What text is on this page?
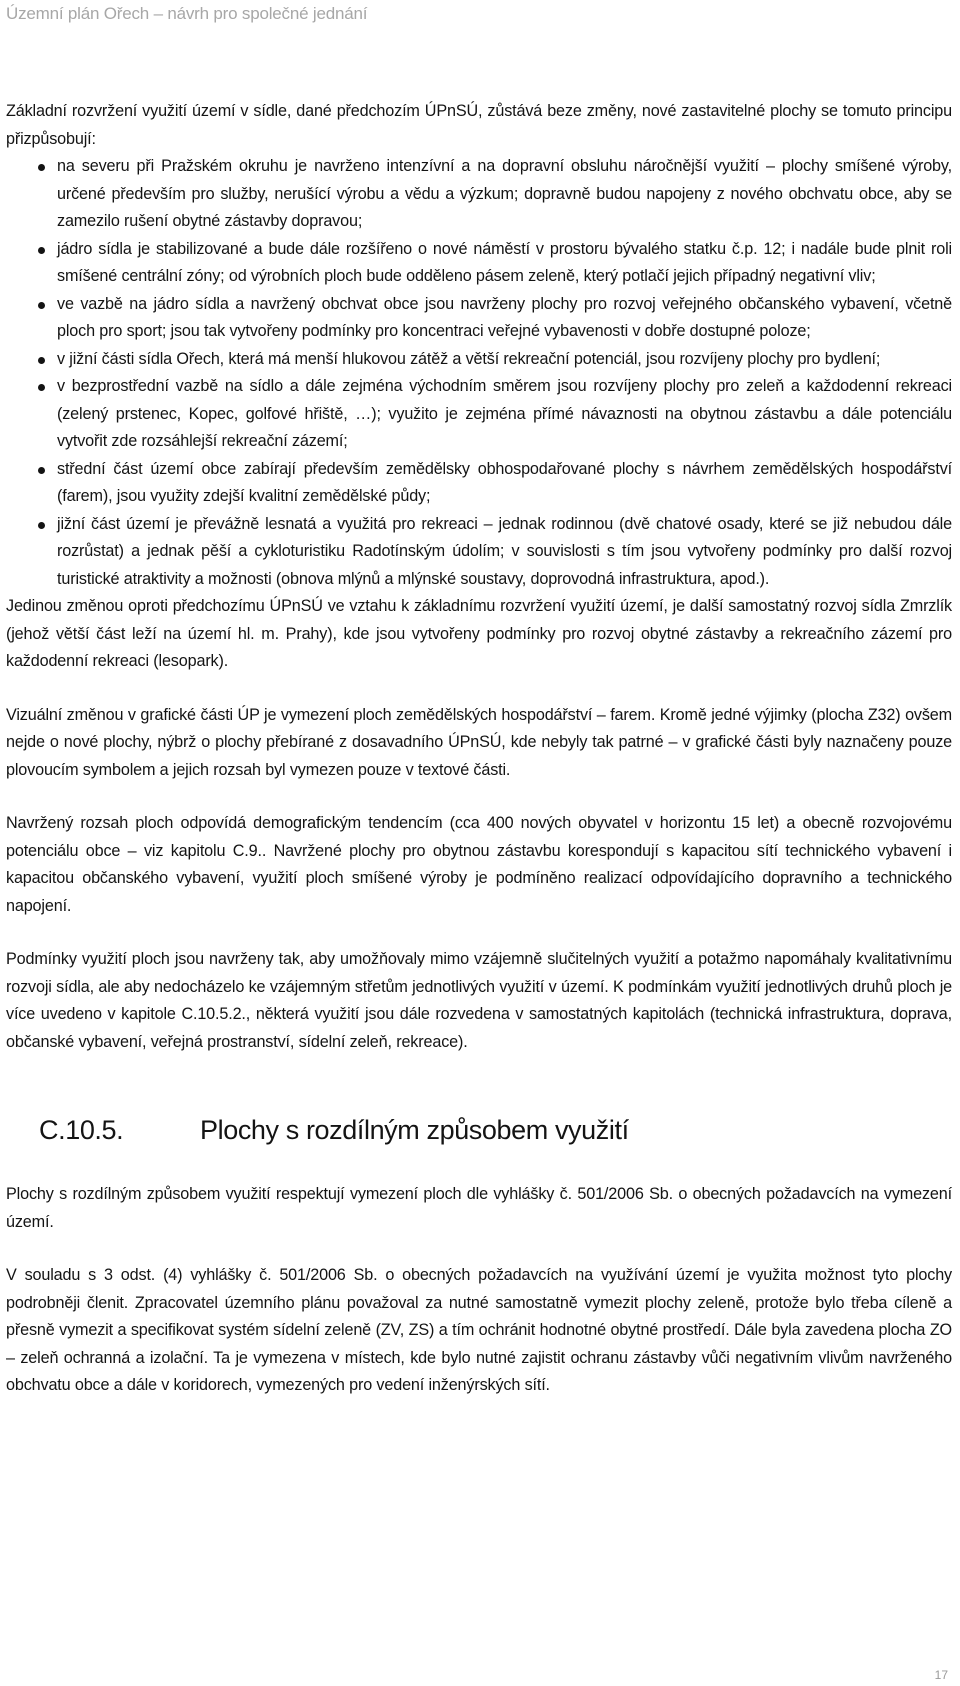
Územní plán Ořech – návrh pro společné jednání

Základní rozvržení využití území v sídle, dané předchozím ÚPnSÚ, zůstává beze změny, nové zastavitelné plochy se tomuto principu přizpůsobují:

na severu při Pražském okruhu je navrženo intenzívní a na dopravní obsluhu náročnější využití – plochy smíšené výroby, určené především pro služby, nerušící výrobu a vědu a výzkum; dopravně budou napojeny z nového obchvatu obce, aby se zamezilo rušení obytné zástavby dopravou;
jádro sídla je stabilizované a bude dále rozšířeno o nové náměstí v prostoru bývalého statku č.p. 12; i nadále bude plnit roli smíšené centrální zóny; od výrobních ploch bude odděleno pásem zeleně, který potlačí jejich případný negativní vliv;
ve vazbě na jádro sídla a navržený obchvat obce jsou navrženy plochy pro rozvoj veřejného občanského vybavení, včetně ploch pro sport; jsou tak vytvořeny podmínky pro koncentraci veřejné vybavenosti v dobře dostupné poloze;
v jižní části sídla Ořech, která má menší hlukovou zátěž a větší rekreační potenciál, jsou rozvíjeny plochy pro bydlení;
v bezprostřední vazbě na sídlo a dále zejména východním směrem jsou rozvíjeny plochy pro zeleň a každodenní rekreaci (zelený prstenec, Kopec, golfové hřiště, …); využito je zejména přímé návaznosti na obytnou zástavbu a dále potenciálu vytvořit zde rozsáhlejší rekreační zázemí;
střední část území obce zabírají především zemědělsky obhospodařované plochy s návrhem zemědělských hospodářství (farem), jsou využity zdejší kvalitní zemědělské půdy;
jižní část území je převážně lesnatá a využitá pro rekreaci – jednak rodinnou (dvě chatové osady, které se již nebudou dále rozrůstat) a jednak pěší a cykloturistiku Radotínským údolím; v souvislosti s tím jsou vytvořeny podmínky pro další rozvoj turistické atraktivity a možnosti (obnova mlýnů a mlýnské soustavy, doprovodná infrastruktura, apod.).

Jedinou změnou oproti předchozímu ÚPnSÚ ve vztahu k základnímu rozvržení využití území, je další samostatný rozvoj sídla Zmrzlík (jehož větší část leží na území hl. m. Prahy), kde jsou vytvořeny podmínky pro rozvoj obytné zástavby a rekreačního zázemí pro každodenní rekreaci (lesopark).

Vizuální změnou v grafické části ÚP je vymezení ploch zemědělských hospodářství – farem. Kromě jedné výjimky (plocha Z32) ovšem nejde o nové plochy, nýbrž o plochy přebírané z dosavadního ÚPnSÚ, kde nebyly tak patrné – v grafické části byly naznačeny pouze plovoucím symbolem a jejich rozsah byl vymezen pouze v textové části.

Navržený rozsah ploch odpovídá demografickým tendencím (cca 400 nových obyvatel v horizontu 15 let) a obecně rozvojovému potenciálu obce – viz kapitolu C.9.. Navržené plochy pro obytnou zástavbu korespondují s kapacitou sítí technického vybavení i kapacitou občanského vybavení, využití ploch smíšené výroby je podmíněno realizací odpovídajícího dopravního a technického napojení.

Podmínky využití ploch jsou navrženy tak, aby umožňovaly mimo vzájemně slučitelných využití a potažmo napomáhaly kvalitativnímu rozvoji sídla, ale aby nedocházelo ke vzájemným střetům jednotlivých využití v území. K podmínkám využití jednotlivých druhů ploch je více uvedeno v kapitole C.10.5.2., některá využití jsou dále rozvedena v samostatných kapitolách (technická infrastruktura, doprava, občanské vybavení, veřejná prostranství, sídelní zeleň, rekreace).

C.10.5.	Plochy s rozdílným způsobem využití

Plochy s rozdílným způsobem využití respektují vymezení ploch dle vyhlášky č. 501/2006 Sb. o obecných požadavcích na vymezení území.

V souladu s 3 odst. (4) vyhlášky č. 501/2006 Sb. o obecných požadavcích na využívání území je využita možnost tyto plochy podrobněji členit. Zpracovatel územního plánu považoval za nutné samostatně vymezit plochy zeleně, protože bylo třeba cíleně a přesně vymezit a specifikovat systém sídelní zeleně (ZV, ZS) a tím ochránit hodnotné obytné prostředí. Dále byla zavedena plocha ZO – zeleň ochranná a izolační. Ta je vymezena v místech, kde bylo nutné zajistit ochranu zástavby vůči negativním vlivům navrženého obchvatu obce a dále v koridorech, vymezených pro vedení inženýrských sítí.

17
